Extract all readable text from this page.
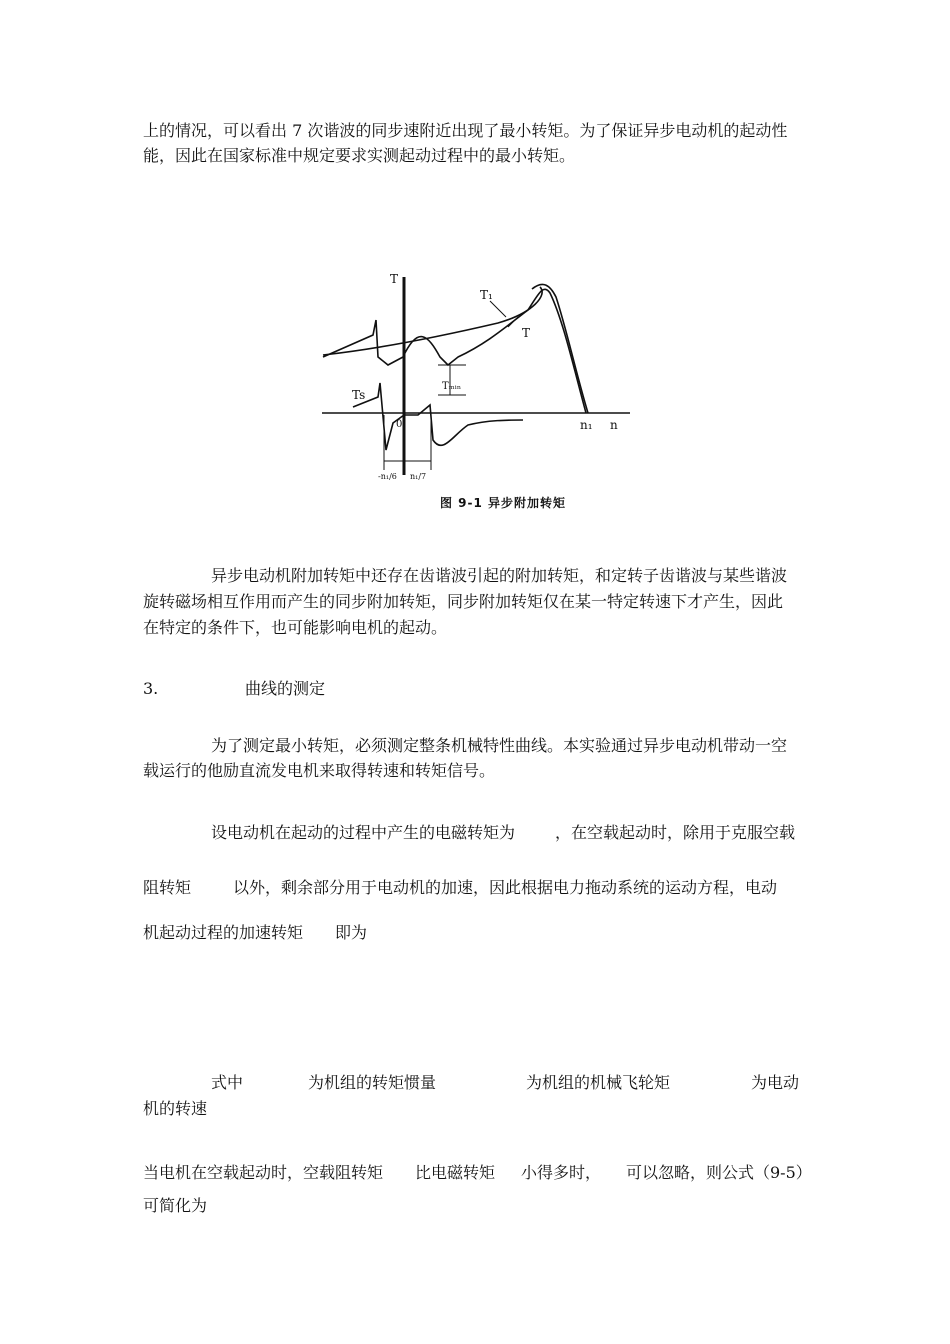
上的情况，可以看出 7 次谐波的同步速附近出现了最小转矩。为了保证异步电动机的起动性
能，因此在国家标准中规定要求实测起动过程中的最小转矩。
T
T₁
T
Ts
Tₘᵢₙ
0	n₁ n
-n₁/6 n₁/7
图 9-1 异步附加转矩
异步电动机附加转矩中还存在齿谐波引起的附加转矩，和定转子齿谐波与某些谐波
旋转磁场相互作用而产生的同步附加转矩，同步附加转矩仅在某一特定转速下才产生，因此
在特定的条件下，也可能影响电机的起动。
3.	曲线的测定
为了测定最小转矩，必须测定整条机械特性曲线。本实验通过异步电动机带动一空
载运行的他励直流发电机来取得转速和转矩信号。
设电动机在起动的过程中产生的电磁转矩为 ，在空载起动时，除用于克服空载
阻转矩	以外，剩余部分用于电动机的加速，因此根据电力拖动系统的运动方程，电动
机起动过程的加速转矩 即为
式中	为机组的转矩惯量	为机组的机械飞轮矩	为电动
机的转速
当电机在空载起动时，空载阻转矩 比电磁转矩 小得多时， 可以忽略，则公式（9-5）
可简化为
